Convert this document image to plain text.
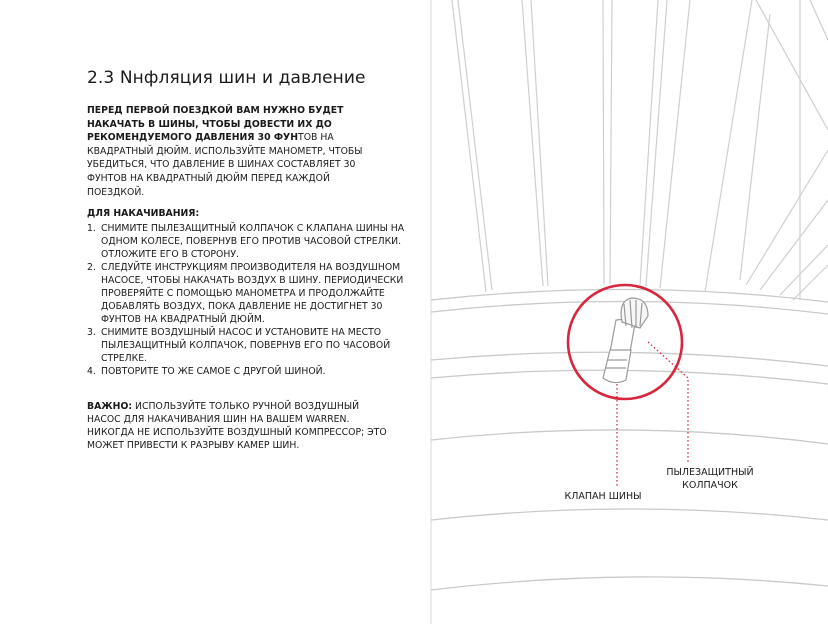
2.3 Nнфляция шин и давление
ПЕРЕД ПЕРВОЙ ПОЕЗДКОЙ ВАМ НУЖНО БУДЕТ НАКАЧАТЬ В ШИНЫ, ЧТОБЫ ДОВЕСТИ ИХ ДО РЕКОМЕНДУЕМОГО ДАВЛЕНИЯ 30 ФУНТОВ НА КВАДРАТНЫЙ ДЮЙМ. ИСПОЛЬЗУЙТЕ МАНОМЕТР, ЧТОБЫ УБЕДИТЬСЯ, ЧТО ДАВЛЕНИЕ В ШИНАХ СОСТАВЛЯЕТ 30 ФУНТОВ НА КВАДРАТНЫЙ ДЮЙМ ПЕРЕД КАЖДОЙ ПОЕЗДКОЙ.
ДЛЯ НАКАЧИВАНИЯ:
1. СНИМИТЕ ПЫЛЕЗАЩИТНЫЙ КОЛПАЧОК С КЛАПАНА ШИНЫ НА ОДНОМ КОЛЕСЕ, ПОВЕРНУВ ЕГО ПРОТИВ ЧАСОВОЙ СТРЕЛКИ. ОТЛОЖИТЕ ЕГО В СТОРОНУ.
2. СЛЕДУЙТЕ ИНСТРУКЦИЯМ ПРОИЗВОДИТЕЛЯ НА ВОЗДУШНОМ НАСОСЕ, ЧТОБЫ НАКАЧАТЬ ВОЗДУХ В ШИНУ. ПЕРИОДИЧЕСКИ ПРОВЕРЯЙТЕ С ПОМОЩЬЮ МАНОМЕТРА И ПРОДОЛЖАЙТЕ ДОБАВЛЯТЬ ВОЗДУХ, ПОКА ДАВЛЕНИЕ НЕ ДОСТИГНЕТ 30 ФУНТОВ НА КВАДРАТНЫЙ ДЮЙМ.
3. СНИМИТЕ ВОЗДУШНЫЙ НАСОС И УСТАНОВИТЕ НА МЕСТО ПЫЛЕЗАЩИТНЫЙ КОЛПАЧОК, ПОВЕРНУВ ЕГО ПО ЧАСОВОЙ СТРЕЛКЕ.
4. ПОВТОРИТЕ ТО ЖЕ САМОЕ С ДРУГОЙ ШИНОЙ.
ВАЖНО: ИСПОЛЬЗУЙТЕ ТОЛЬКО РУЧНОЙ ВОЗДУШНЫЙ НАСОС ДЛЯ НАКАЧИВАНИЯ ШИН НА ВАШЕМ WARREN. НИКОГДА НЕ ИСПОЛЬЗУЙТЕ ВОЗДУШНЫЙ КОМПРЕССОР; ЭТО МОЖЕТ ПРИВЕСТИ К РАЗРЫВУ КАМЕР ШИН.
ПЫЛЕЗАЩИТНЫЙ
КОЛПАЧОК
КЛАПАН ШИНЫ
